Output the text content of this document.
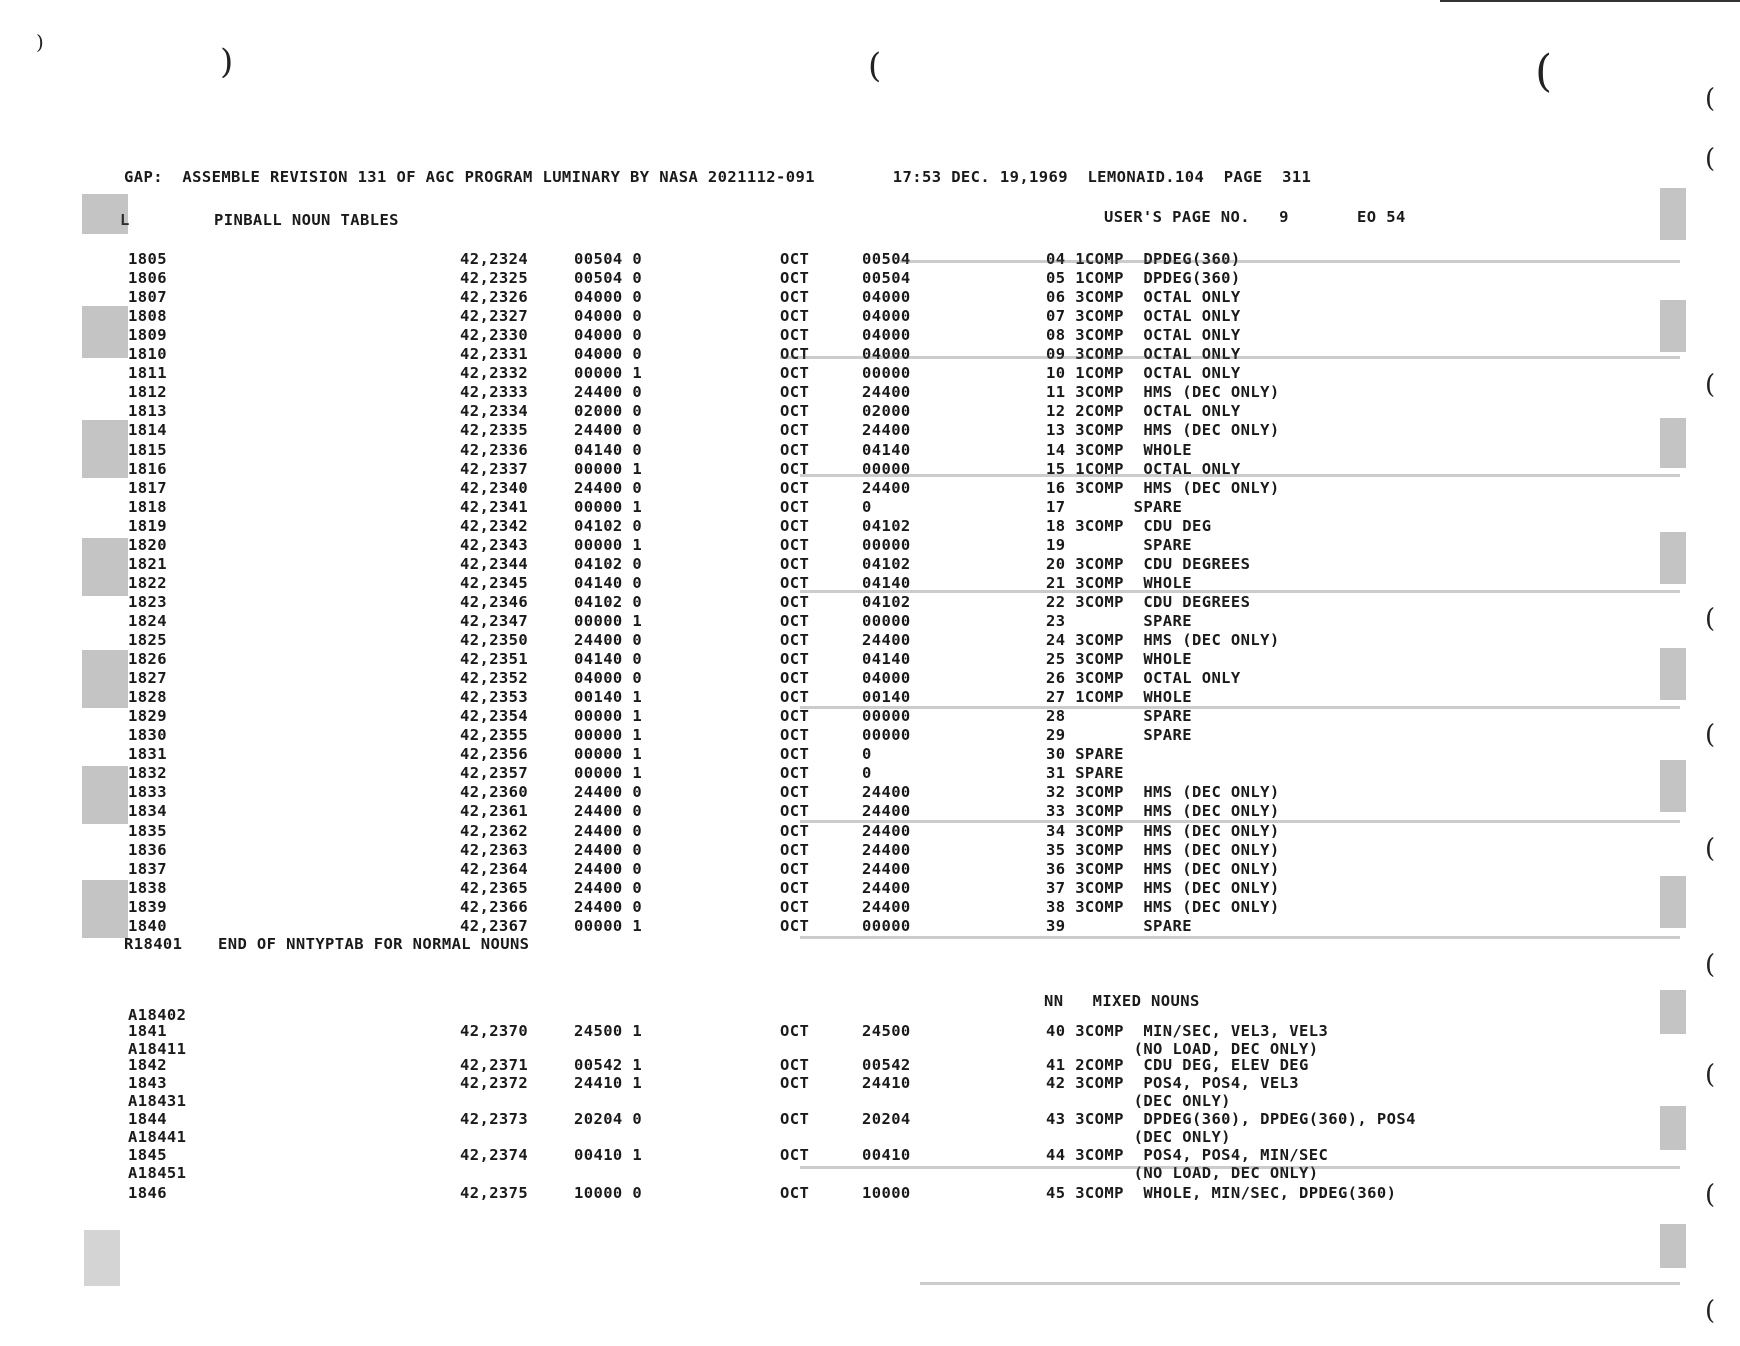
)	)	(	(
GAP:  ASSEMBLE REVISION 131 OF AGC PROGRAM LUMINARY BY NASA 2021112-091        17:53 DEC. 19,1969  LEMONAID.104  PAGE  311
L	PINBALL NOUN TABLES	USER'S PAGE NO.   9       EO 54
1805	42,2324	00504 0	OCT	00504	04 1COMP  DPDEG(360)
1806	42,2325	00504 0	OCT	00504	05 1COMP  DPDEG(360)
1807	42,2326	04000 0	OCT	04000	06 3COMP  OCTAL ONLY
1808	42,2327	04000 0	OCT	04000	07 3COMP  OCTAL ONLY
1809	42,2330	04000 0	OCT	04000	08 3COMP  OCTAL ONLY
1810	42,2331	04000 0	OCT	04000	09 3COMP  OCTAL ONLY
1811	42,2332	00000 1	OCT	00000	10 1COMP  OCTAL ONLY
1812	42,2333	24400 0	OCT	24400	11 3COMP  HMS (DEC ONLY)
1813	42,2334	02000 0	OCT	02000	12 2COMP  OCTAL ONLY
1814	42,2335	24400 0	OCT	24400	13 3COMP  HMS (DEC ONLY)
1815	42,2336	04140 0	OCT	04140	14 3COMP  WHOLE
1816	42,2337	00000 1	OCT	00000	15 1COMP  OCTAL ONLY
1817	42,2340	24400 0	OCT	24400	16 3COMP  HMS (DEC ONLY)
1818	42,2341	00000 1	OCT	0	17       SPARE
1819	42,2342	04102 0	OCT	04102	18 3COMP  CDU DEG
1820	42,2343	00000 1	OCT	00000	19        SPARE
1821	42,2344	04102 0	OCT	04102	20 3COMP  CDU DEGREES
1822	42,2345	04140 0	OCT	04140	21 3COMP  WHOLE
1823	42,2346	04102 0	OCT	04102	22 3COMP  CDU DEGREES
1824	42,2347	00000 1	OCT	00000	23        SPARE
1825	42,2350	24400 0	OCT	24400	24 3COMP  HMS (DEC ONLY)
1826	42,2351	04140 0	OCT	04140	25 3COMP  WHOLE
1827	42,2352	04000 0	OCT	04000	26 3COMP  OCTAL ONLY
1828	42,2353	00140 1	OCT	00140	27 1COMP  WHOLE
1829	42,2354	00000 1	OCT	00000	28        SPARE
1830	42,2355	00000 1	OCT	00000	29        SPARE
1831	42,2356	00000 1	OCT	0	30 SPARE
1832	42,2357	00000 1	OCT	0	31 SPARE
1833	42,2360	24400 0	OCT	24400	32 3COMP  HMS (DEC ONLY)
1834	42,2361	24400 0	OCT	24400	33 3COMP  HMS (DEC ONLY)
1835	42,2362	24400 0	OCT	24400	34 3COMP  HMS (DEC ONLY)
1836	42,2363	24400 0	OCT	24400	35 3COMP  HMS (DEC ONLY)
1837	42,2364	24400 0	OCT	24400	36 3COMP  HMS (DEC ONLY)
1838	42,2365	24400 0	OCT	24400	37 3COMP  HMS (DEC ONLY)
1839	42,2366	24400 0	OCT	24400	38 3COMP  HMS (DEC ONLY)
1840	42,2367	00000 1	OCT	00000	39        SPARE
R18401 END OF NNTYPTAB FOR NORMAL NOUNS
NN   MIXED NOUNS
A18402
1841	42,2370	24500 1	OCT	24500	40 3COMP  MIN/SEC, VEL3, VEL3
A18411	(NO LOAD, DEC ONLY)
1842	42,2371	00542 1	OCT	00542	41 2COMP  CDU DEG, ELEV DEG
1843	42,2372	24410 1	OCT	24410	42 3COMP  POS4, POS4, VEL3
A18431	(DEC ONLY)
1844	42,2373	20204 0	OCT	20204	43 3COMP  DPDEG(360), DPDEG(360), POS4
A18441	(DEC ONLY)
1845	42,2374	00410 1	OCT	00410	44 3COMP  POS4, POS4, MIN/SEC
A18451	(NO LOAD, DEC ONLY)
1846	42,2375	10000 0	OCT	10000	45 3COMP  WHOLE, MIN/SEC, DPDEG(360)
(
(
(
(
(
(
(
(
(
(
